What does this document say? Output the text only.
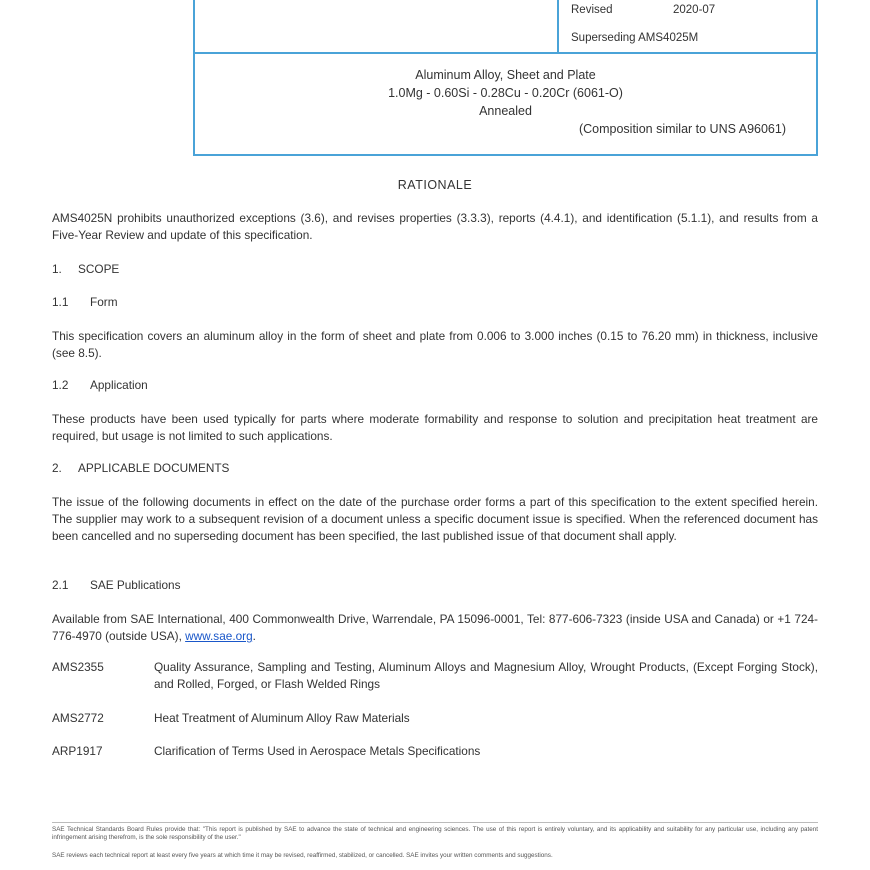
Revised	2020-07
Superseding AMS4025M
Aluminum Alloy, Sheet and Plate
1.0Mg - 0.60Si - 0.28Cu - 0.20Cr (6061-O)
Annealed
(Composition similar to UNS A96061)
RATIONALE
AMS4025N prohibits unauthorized exceptions (3.6), and revises properties (3.3.3), reports (4.4.1), and identification (5.1.1), and results from a Five-Year Review and update of this specification.
1. SCOPE
1.1 Form
This specification covers an aluminum alloy in the form of sheet and plate from 0.006 to 3.000 inches (0.15 to 76.20 mm) in thickness, inclusive (see 8.5).
1.2 Application
These products have been used typically for parts where moderate formability and response to solution and precipitation heat treatment are required, but usage is not limited to such applications.
2. APPLICABLE DOCUMENTS
The issue of the following documents in effect on the date of the purchase order forms a part of this specification to the extent specified herein. The supplier may work to a subsequent revision of a document unless a specific document issue is specified. When the referenced document has been cancelled and no superseding document has been specified, the last published issue of that document shall apply.
2.1 SAE Publications
Available from SAE International, 400 Commonwealth Drive, Warrendale, PA 15096-0001, Tel: 877-606-7323 (inside USA and Canada) or +1 724-776-4970 (outside USA), www.sae.org.
AMS2355	Quality Assurance, Sampling and Testing, Aluminum Alloys and Magnesium Alloy, Wrought Products, (Except Forging Stock), and Rolled, Forged, or Flash Welded Rings
AMS2772	Heat Treatment of Aluminum Alloy Raw Materials
ARP1917	Clarification of Terms Used in Aerospace Metals Specifications
SAE Technical Standards Board Rules provide that: "This report is published by SAE to advance the state of technical and engineering sciences. The use of this report is entirely voluntary, and its applicability and suitability for any particular use, including any patent infringement arising therefrom, is the sole responsibility of the user."
SAE reviews each technical report at least every five years at which time it may be revised, reaffirmed, stabilized, or cancelled. SAE invites your written comments and suggestions.
